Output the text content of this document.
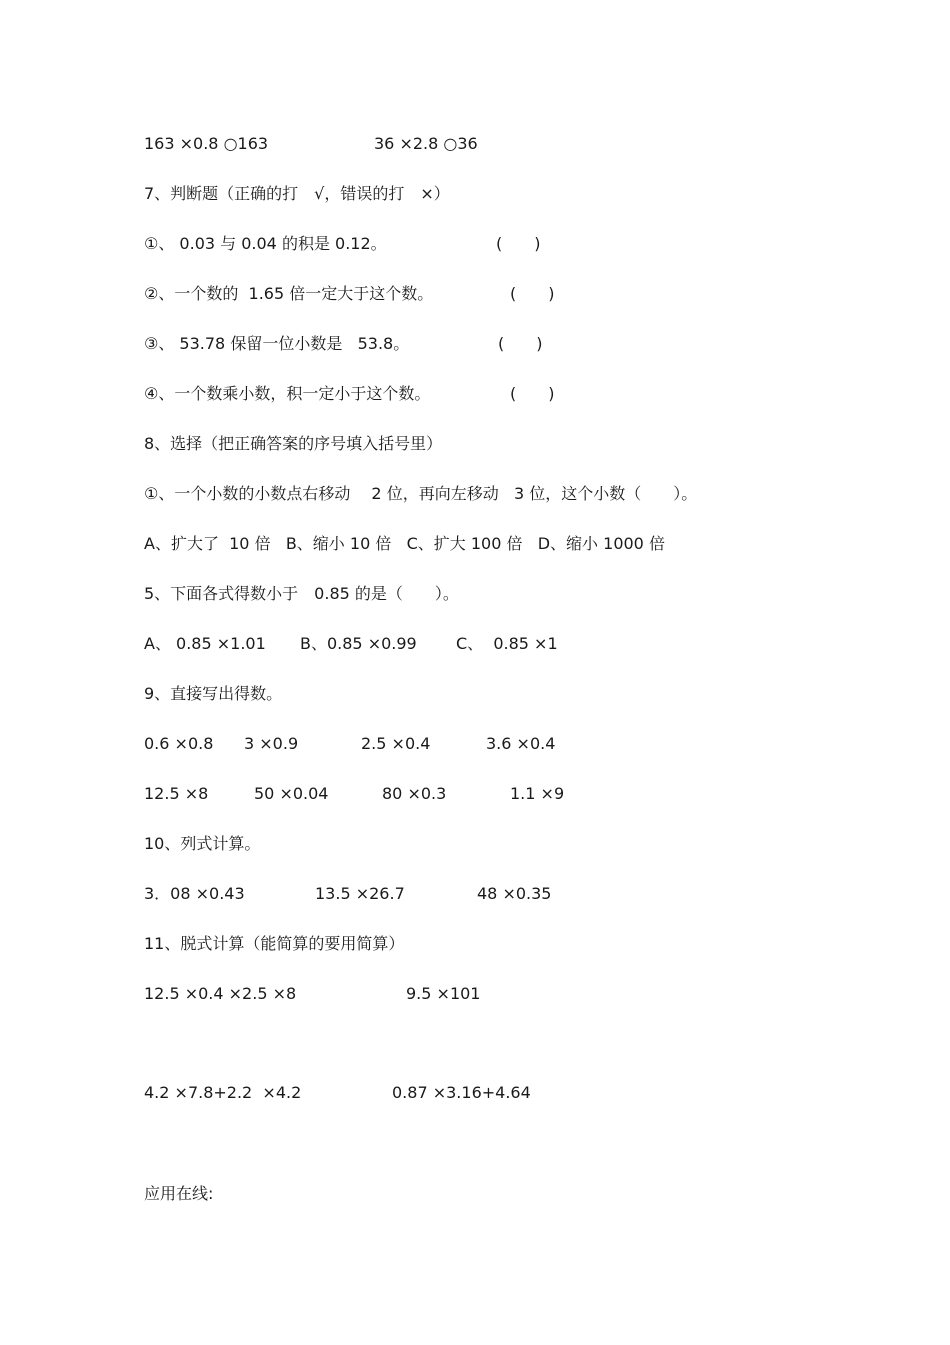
163 ×0.8 ○163

	36 ×2.8 ○36

7、判断题（正确的打　√，错误的打　×）

①、 0.03 与 0.04 的积是 0.12。

	(　　)

②、一个数的  1.65 倍一定大于这个数。

	(　　)

③、 53.78 保留一位小数是   53.8。

	(　　)

④、一个数乘小数，积一定小于这个数。

	(　　)

8、选择（把正确答案的序号填入括号里）
①、一个小数的小数点右移动　 2 位，再向左移动   3 位，这个小数（　　）。
A、扩大了  10 倍   B、缩小 10 倍   C、扩大 100 倍   D、缩小 1000 倍
5、下面各式得数小于　0.85 的是（　　）。

A、 0.85 ×1.01

B、0.85 ×0.99

C、  0.85 ×1

9、直接写出得数。

0.6 ×0.8

3 ×0.9

	2.5 ×0.4

	3.6 ×0.4

12.5 ×8

	50 ×0.04

	80 ×0.3

	1.1 ×9

10、列式计算。

3．08 ×0.43

	13.5 ×26.7

	48 ×0.35

11、脱式计算（能简算的要用简算）

12.5 ×0.4 ×2.5 ×8

	9.5 ×101

4.2 ×7.8+2.2  ×4.2

	0.87 ×3.16+4.64

应用在线:
